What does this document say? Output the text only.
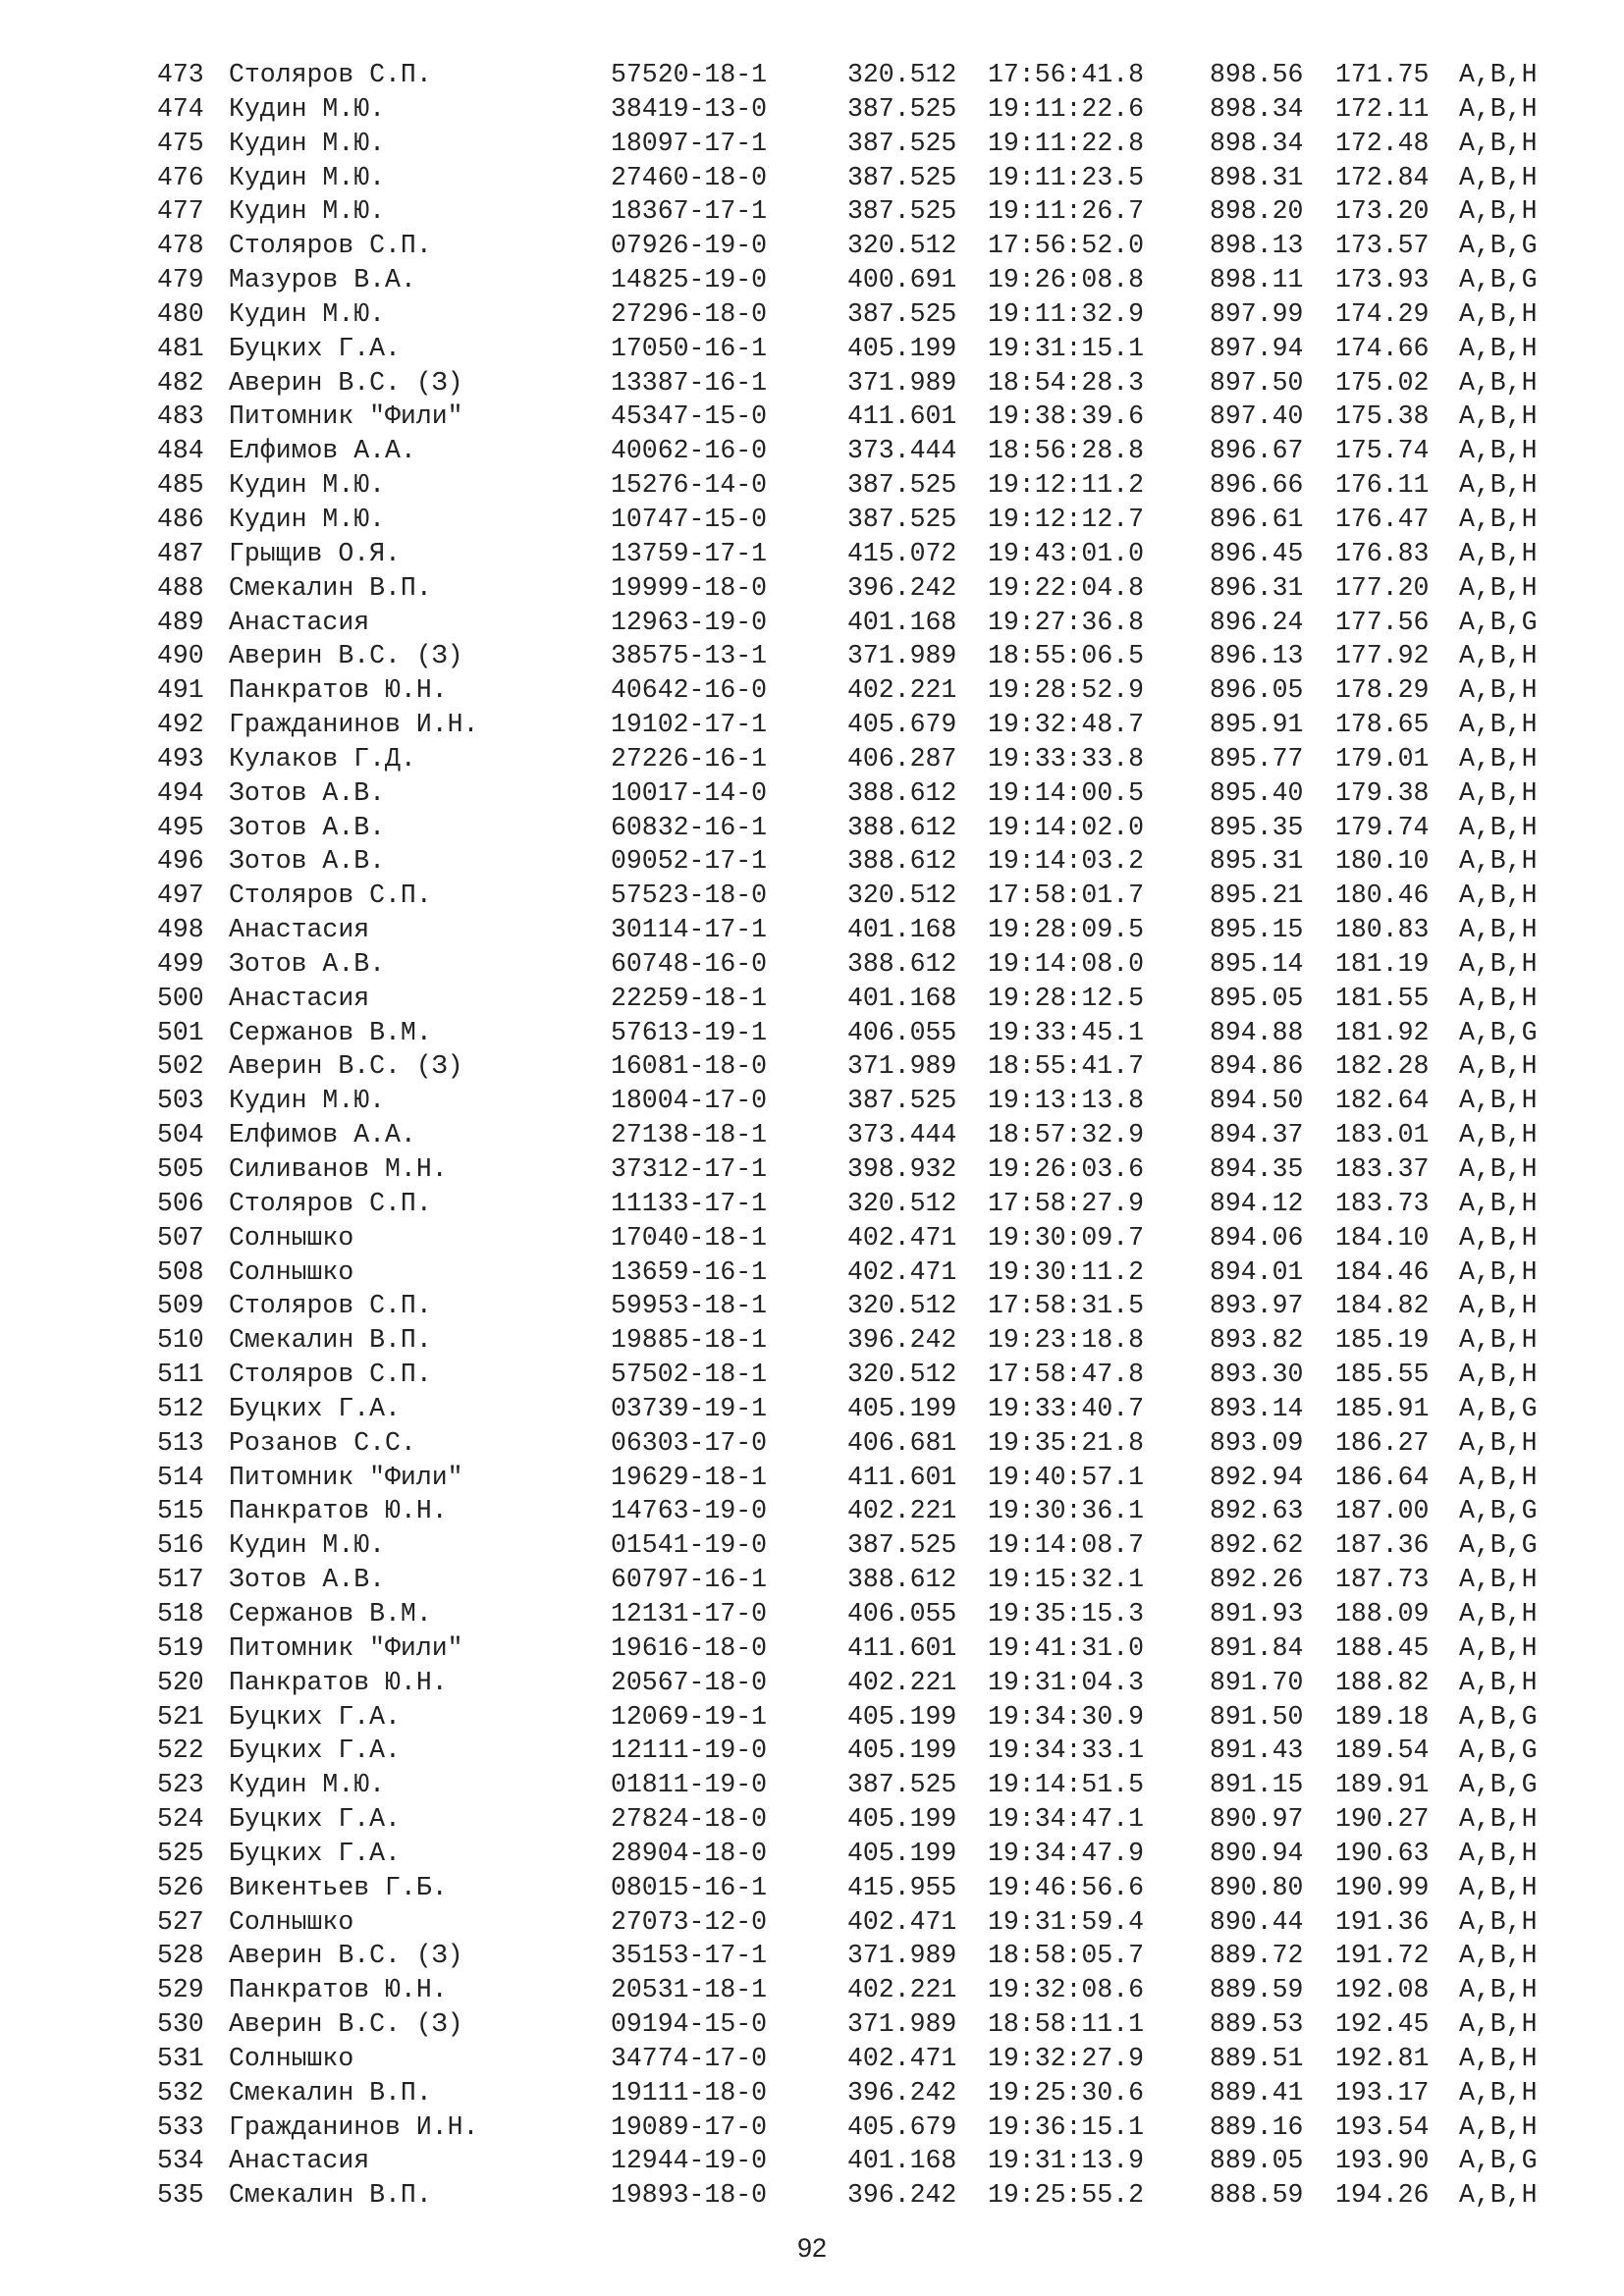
473 Столяров С.П.	57520-18-1	320.512 17:56:41.8	898.56 171.75 A,B,H
474 Кудин М.Ю.	38419-13-0	387.525 19:11:22.6	898.34 172.11 A,B,H
475 Кудин М.Ю.	18097-17-1	387.525 19:11:22.8	898.34 172.48 A,B,H
476 Кудин М.Ю.	27460-18-0	387.525 19:11:23.5	898.31 172.84 A,B,H
477 Кудин М.Ю.	18367-17-1	387.525 19:11:26.7	898.20 173.20 A,B,H
478 Столяров С.П.	07926-19-0	320.512 17:56:52.0	898.13 173.57 A,B,G
479 Мазуров В.А.	14825-19-0	400.691 19:26:08.8	898.11 173.93 A,B,G
480 Кудин М.Ю.	27296-18-0	387.525 19:11:32.9	897.99 174.29 A,B,H
481 Буцких Г.А.	17050-16-1	405.199 19:31:15.1	897.94 174.66 A,B,H
482 Аверин В.С. (З)	13387-16-1	371.989 18:54:28.3	897.50 175.02 A,B,H
483 Питомник "Фили"	45347-15-0	411.601 19:38:39.6	897.40 175.38 A,B,H
484 Елфимов А.А.	40062-16-0	373.444 18:56:28.8	896.67 175.74 A,B,H
485 Кудин М.Ю.	15276-14-0	387.525 19:12:11.2	896.66 176.11 A,B,H
486 Кудин М.Ю.	10747-15-0	387.525 19:12:12.7	896.61 176.47 A,B,H
487 Грыщив О.Я.	13759-17-1	415.072 19:43:01.0	896.45 176.83 A,B,H
488 Смекалин В.П.	19999-18-0	396.242 19:22:04.8	896.31 177.20 A,B,H
489 Анастасия	12963-19-0	401.168 19:27:36.8	896.24 177.56 A,B,G
490 Аверин В.С. (З)	38575-13-1	371.989 18:55:06.5	896.13 177.92 A,B,H
491 Панкратов Ю.Н.	40642-16-0	402.221 19:28:52.9	896.05 178.29 A,B,H
492 Гражданинов И.Н.	19102-17-1	405.679 19:32:48.7	895.91 178.65 A,B,H
493 Кулаков Г.Д.	27226-16-1	406.287 19:33:33.8	895.77 179.01 A,B,H
494 Зотов А.В.	10017-14-0	388.612 19:14:00.5	895.40 179.38 A,B,H
495 Зотов А.В.	60832-16-1	388.612 19:14:02.0	895.35 179.74 A,B,H
496 Зотов А.В.	09052-17-1	388.612 19:14:03.2	895.31 180.10 A,B,H
497 Столяров С.П.	57523-18-0	320.512 17:58:01.7	895.21 180.46 A,B,H
498 Анастасия	30114-17-1	401.168 19:28:09.5	895.15 180.83 A,B,H
499 Зотов А.В.	60748-16-0	388.612 19:14:08.0	895.14 181.19 A,B,H
500 Анастасия	22259-18-1	401.168 19:28:12.5	895.05 181.55 A,B,H
501 Сержанов В.М.	57613-19-1	406.055 19:33:45.1	894.88 181.92 A,B,G
502 Аверин В.С. (З)	16081-18-0	371.989 18:55:41.7	894.86 182.28 A,B,H
503 Кудин М.Ю.	18004-17-0	387.525 19:13:13.8	894.50 182.64 A,B,H
504 Елфимов А.А.	27138-18-1	373.444 18:57:32.9	894.37 183.01 A,B,H
505 Силиванов М.Н.	37312-17-1	398.932 19:26:03.6	894.35 183.37 A,B,H
506 Столяров С.П.	11133-17-1	320.512 17:58:27.9	894.12 183.73 A,B,H
507 Солнышко	17040-18-1	402.471 19:30:09.7	894.06 184.10 A,B,H
508 Солнышко	13659-16-1	402.471 19:30:11.2	894.01 184.46 A,B,H
509 Столяров С.П.	59953-18-1	320.512 17:58:31.5	893.97 184.82 A,B,H
510 Смекалин В.П.	19885-18-1	396.242 19:23:18.8	893.82 185.19 A,B,H
511 Столяров С.П.	57502-18-1	320.512 17:58:47.8	893.30 185.55 A,B,H
512 Буцких Г.А.	03739-19-1	405.199 19:33:40.7	893.14 185.91 A,B,G
513 Розанов С.С.	06303-17-0	406.681 19:35:21.8	893.09 186.27 A,B,H
514 Питомник "Фили"	19629-18-1	411.601 19:40:57.1	892.94 186.64 A,B,H
515 Панкратов Ю.Н.	14763-19-0	402.221 19:30:36.1	892.63 187.00 A,B,G
516 Кудин М.Ю.	01541-19-0	387.525 19:14:08.7	892.62 187.36 A,B,G
517 Зотов А.В.	60797-16-1	388.612 19:15:32.1	892.26 187.73 A,B,H
518 Сержанов В.М.	12131-17-0	406.055 19:35:15.3	891.93 188.09 A,B,H
519 Питомник "Фили"	19616-18-0	411.601 19:41:31.0	891.84 188.45 A,B,H
520 Панкратов Ю.Н.	20567-18-0	402.221 19:31:04.3	891.70 188.82 A,B,H
521 Буцких Г.А.	12069-19-1	405.199 19:34:30.9	891.50 189.18 A,B,G
522 Буцких Г.А.	12111-19-0	405.199 19:34:33.1	891.43 189.54 A,B,G
523 Кудин М.Ю.	01811-19-0	387.525 19:14:51.5	891.15 189.91 A,B,G
524 Буцких Г.А.	27824-18-0	405.199 19:34:47.1	890.97 190.27 A,B,H
525 Буцких Г.А.	28904-18-0	405.199 19:34:47.9	890.94 190.63 A,B,H
526 Викентьев Г.Б.	08015-16-1	415.955 19:46:56.6	890.80 190.99 A,B,H
527 Солнышко	27073-12-0	402.471 19:31:59.4	890.44 191.36 A,B,H
528 Аверин В.С. (З)	35153-17-1	371.989 18:58:05.7	889.72 191.72 A,B,H
529 Панкратов Ю.Н.	20531-18-1	402.221 19:32:08.6	889.59 192.08 A,B,H
530 Аверин В.С. (З)	09194-15-0	371.989 18:58:11.1	889.53 192.45 A,B,H
531 Солнышко	34774-17-0	402.471 19:32:27.9	889.51 192.81 A,B,H
532 Смекалин В.П.	19111-18-0	396.242 19:25:30.6	889.41 193.17 A,B,H
533 Гражданинов И.Н.	19089-17-0	405.679 19:36:15.1	889.16 193.54 A,B,H
534 Анастасия	12944-19-0	401.168 19:31:13.9	889.05 193.90 A,B,G
535 Смекалин В.П.	19893-18-0	396.242 19:25:55.2	888.59 194.26 A,B,H
92
